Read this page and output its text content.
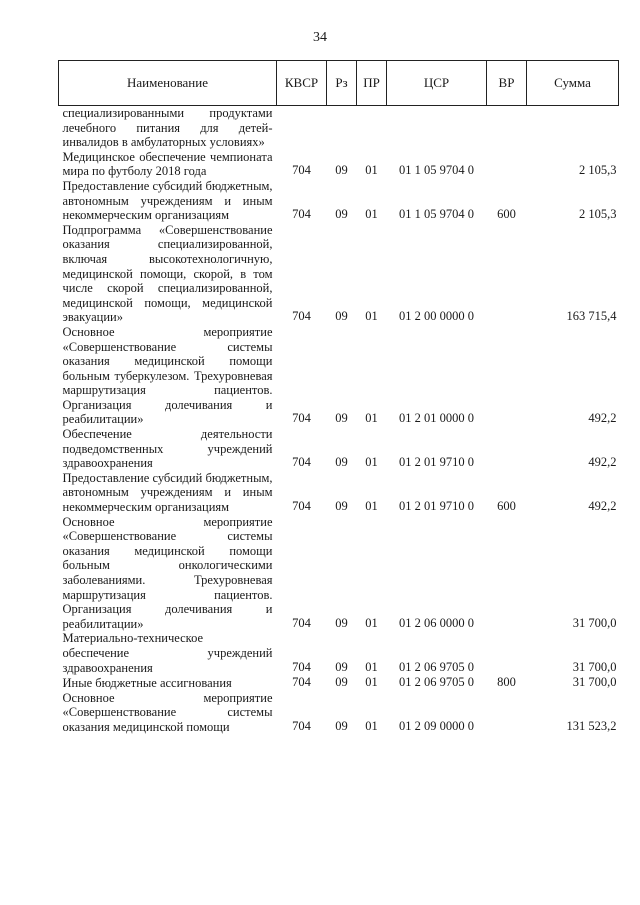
34
Наименование	КВСР	Рз	ПР	ЦСР	ВР	Сумма
специализированными продуктами лечебного питания для детей-инвалидов в амбулаторных условиях»						
Медицинское обеспечение чемпионата мира по футболу 2018 года	704	09	01	01 1 05 9704 0		2 105,3
Предоставление субсидий бюджетным, автономным учреждениям и иным некоммерческим организациям	704	09	01	01 1 05 9704 0	600	2 105,3
Подпрограмма «Совершенствование оказания специализированной, включая высокотехнологичную, медицинской помощи, скорой, в том числе скорой специализированной, медицинской помощи, медицинской эвакуации»	704	09	01	01 2 00 0000 0		163 715,4
Основное мероприятие «Совершенствование системы оказания медицинской помощи больным туберкулезом. Трехуровневая маршрутизация пациентов. Организация долечивания и реабилитации»	704	09	01	01 2 01 0000 0		492,2
Обеспечение деятельности подведомственных учреждений здравоохранения	704	09	01	01 2 01 9710 0		492,2
Предоставление субсидий бюджетным, автономным учреждениям и иным некоммерческим организациям	704	09	01	01 2 01 9710 0	600	492,2
Основное мероприятие «Совершенствование системы оказания медицинской помощи больным онкологическими заболеваниями. Трехуровневая маршрутизация пациентов. Организация долечивания и реабилитации»	704	09	01	01 2 06 0000 0		31 700,0
Материально-техническое обеспечение учреждений здравоохранения	704	09	01	01 2 06 9705 0		31 700,0
Иные бюджетные ассигнования	704	09	01	01 2 06 9705 0	800	31 700,0
Основное мероприятие «Совершенствование системы оказания медицинской помощи	704	09	01	01 2 09 0000 0		131 523,2
